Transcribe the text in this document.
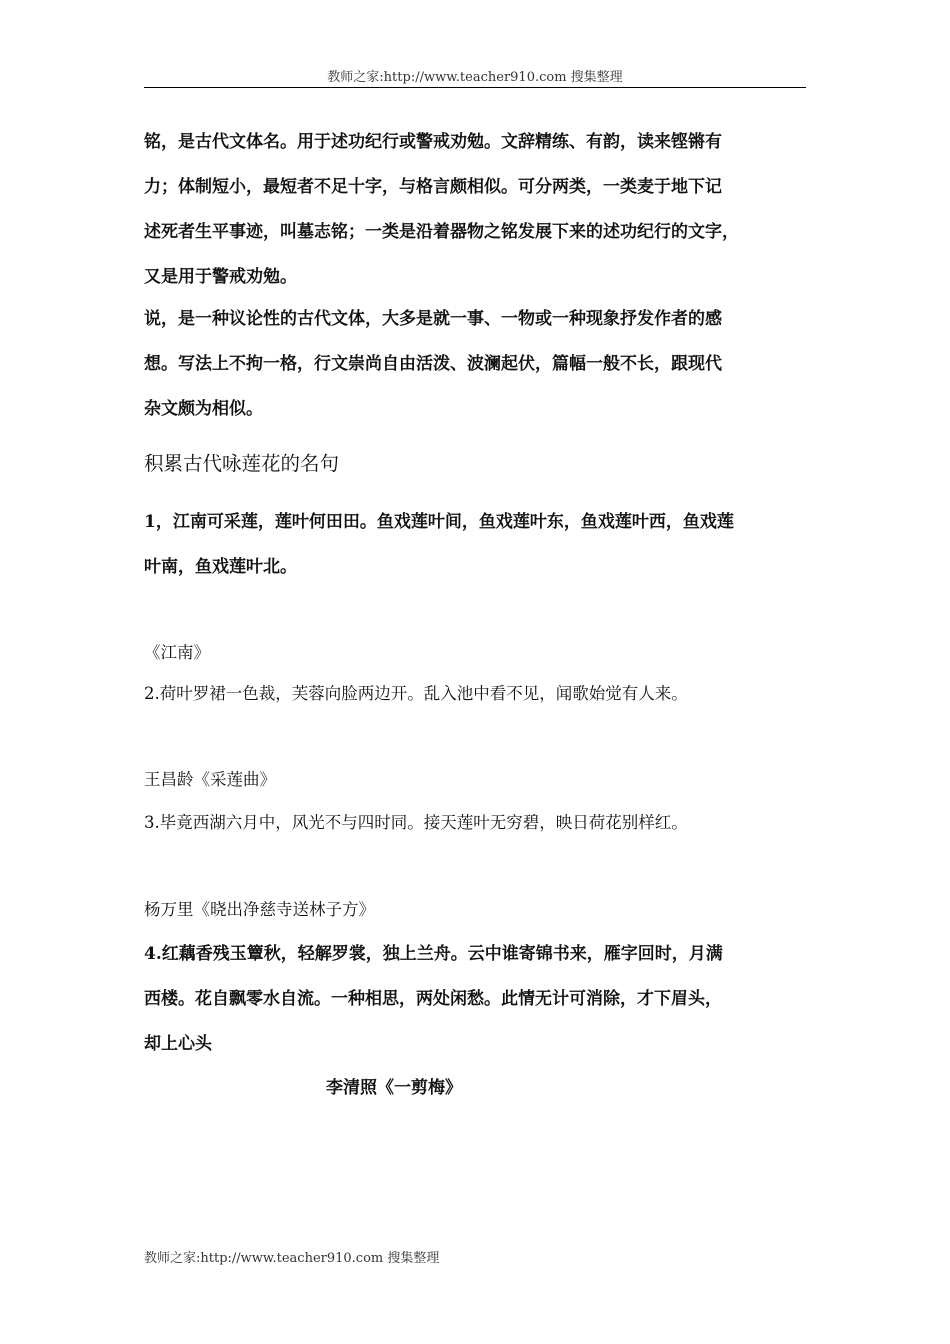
教师之家:http://www.teacher910.com 搜集整理
铭，是古代文体名。用于述功纪行或警戒劝勉。文辞精练、有韵，读来铿锵有
力；体制短小，最短者不足十字，与格言颇相似。可分两类，一类麦于地下记
述死者生平事迹，叫墓志铭；一类是沿着器物之铭发展下来的述功纪行的文字，
又是用于警戒劝勉。
说，是一种议论性的古代文体，大多是就一事、一物或一种现象抒发作者的感
想。写法上不拘一格，行文崇尚自由活泼、波澜起伏，篇幅一般不长，跟现代
杂文颇为相似。
积累古代咏莲花的名句
1，江南可采莲，莲叶何田田。鱼戏莲叶间，鱼戏莲叶东，鱼戏莲叶西，鱼戏莲
叶南，鱼戏莲叶北。
《江南》
2.荷叶罗裙一色裁，芙蓉向脸两边开。乱入池中看不见，闻歌始觉有人来。
王昌龄《采莲曲》
3.毕竟西湖六月中，风光不与四时同。接天莲叶无穷碧，映日荷花别样红。
杨万里《晓出净慈寺送林子方》
4.红藕香残玉簟秋，轻解罗裳，独上兰舟。云中谁寄锦书来，雁字回时，月满
西楼。花自飘零水自流。一种相思，两处闲愁。此情无计可消除，才下眉头，
却上心头
李清照《一剪梅》
教师之家:http://www.teacher910.com 搜集整理
